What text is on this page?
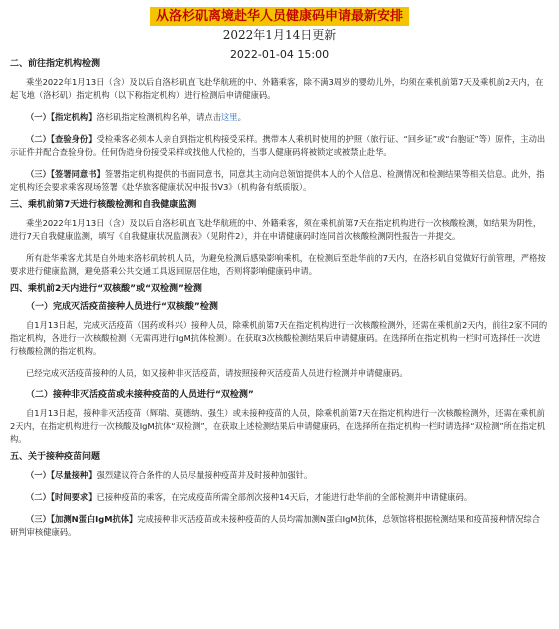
从洛杉矶离境赴华人员健康码申请最新安排
2022年1月14日更新
2022-01-04 15:00
二、前往指定机构检测

乘坐2022年1月13日（含）及以后自洛杉矶直飞赴华航班的中、外籍乘客，除不满3周岁的婴幼儿外，均须在乘机前第7天及乘机前2天内，在起飞地（洛杉矶）指定机构（以下称指定机构）进行检测后申请健康码。

（一）【指定机构】洛杉矶指定检测机构名单，请点击这里。

（二）【查验身份】受检乘客必须本人亲自到指定机构接受采样。携带本人乘机时使用的护照（旅行证、“回乡证”或“台胞证”等）原件，主动出示证件并配合查验身份。任何伪造身份接受采样或找他人代检的，当事人健康码将被锁定或被禁止赴华。

（三）【签署同意书】签署指定机构提供的书面同意书，同意其主动向总领馆提供本人的个人信息、检测情况和检测结果等相关信息。此外，指定机构还会要求乘客现场签署《赴华旅客健康状况申报书V3》（机构备有纸质版）。

三、乘机前第7天进行核酸检测和自我健康监测

乘坐2022年1月13日（含）及以后自洛杉矶直飞赴华航班的中、外籍乘客，须在乘机前第7天在指定机构进行一次核酸检测，如结果为阴性，进行7天自我健康监测，填写《自我健康状况监测表》（见附件2），并在申请健康码时连同首次核酸检测阴性报告一并提交。

所有赴华乘客尤其是自外地来洛杉矶转机人员，为避免检测后感染影响乘机，在检测后至赴华前的7天内，在洛杉矶自觉做好行前管理，严格按要求进行健康监测，避免搭乘公共交通工具返回原居住地，否则将影响健康码申请。

四、乘机前2天内进行“双核酸”或“双检测”检测
（一）完成灭活疫苗接种人员进行“双核酸”检测

自1月13日起，完成灭活疫苗（国药或科兴）接种人员，除乘机前第7天在指定机构进行一次核酸检测外，还需在乘机前2天内，前往2家不同的指定机构，各进行一次核酸检测（无需再进行IgM抗体检测）。在获取3次核酸检测结果后申请健康码。在选择所在指定机构一栏时可选择任一次进行核酸检测的指定机构。

已经完成灭活疫苗接种的人员，如又接种非灭活疫苗，请按照接种灭活疫苗人员进行检测并申请健康码。

（二）接种非灭活疫苗或未接种疫苗的人员进行“双检测”

自1月13日起，接种非灭活疫苗（辉瑞、莫德纳、强生）或未接种疫苗的人员，除乘机前第7天在指定机构进行一次核酸检测外，还需在乘机前2天内，在指定机构进行一次核酸及IgM抗体“双检测”，在获取上述检测结果后申请健康码，在选择所在指定机构一栏时请选择“双检测”所在指定机构。

五、关于接种疫苗问题

（一）【尽量接种】强烈建议符合条件的人员尽量接种疫苗并及时接种加强针。

（二）【时间要求】已接种疫苗的乘客，在完成疫苗所需全部剂次接种14天后，才能进行赴华前的全部检测并申请健康码。

（三）【加测N蛋白IgM抗体】完成接种非灭活疫苗或未接种疫苗的人员均需加测N蛋白IgM抗体，总领馆将根据检测结果和疫苗接种情况综合研判审核健康码。
